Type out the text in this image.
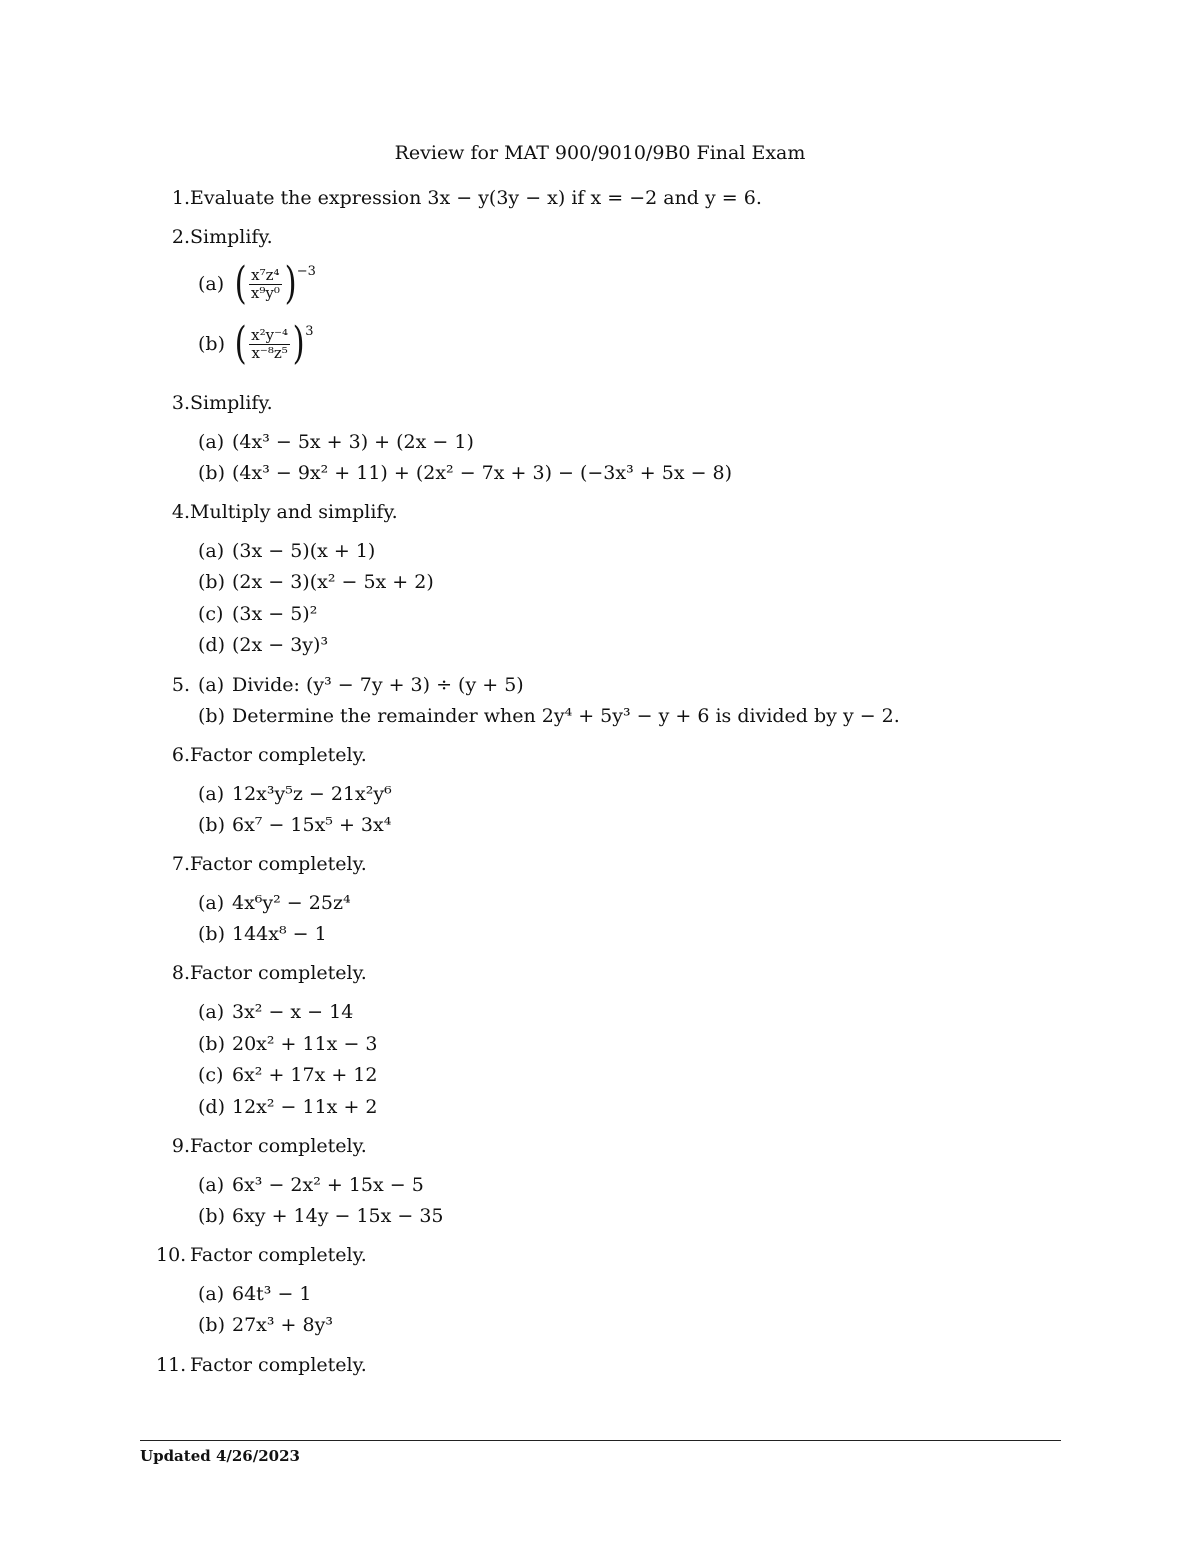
Review for MAT 900/9010/9B0 Final Exam
1. Evaluate the expression 3x − y(3y − x) if x = −2 and y = 6.
2. Simplify.
(a) ( $\frac{\text{x⁷z⁴}}{\text{x⁹y⁰}}$ ) −3
(b) ( $\frac{\text{x²y⁻⁴}}{\text{x⁻⁸z⁵}}$ ) 3
3. Simplify.
(a) (4x³ − 5x + 3) + (2x − 1)
(b) (4x³ − 9x² + 11) + (2x² − 7x + 3) − (−3x³ + 5x − 8)
4. Multiply and simplify.
(a) (3x − 5)(x + 1)
(b) (2x − 3)(x² − 5x + 2)
(c) (3x − 5)²
(d) (2x − 3y)³
5. (a) Divide: (y³ − 7y + 3) ÷ (y + 5)
(b) Determine the remainder when 2y⁴ + 5y³ − y + 6 is divided by y − 2.
6. Factor completely.
(a) 12x³y⁵z − 21x²y⁶
(b) 6x⁷ − 15x⁵ + 3x⁴
7. Factor completely.
(a) 4x⁶y² − 25z⁴
(b) 144x⁸ − 1
8. Factor completely.
(a) 3x² − x − 14
(b) 20x² + 11x − 3
(c) 6x² + 17x + 12
(d) 12x² − 11x + 2
9. Factor completely.
(a) 6x³ − 2x² + 15x − 5
(b) 6xy + 14y − 15x − 35
10. Factor completely.
(a) 64t³ − 1
(b) 27x³ + 8y³
11. Factor completely.
Updated 4/26/2023
